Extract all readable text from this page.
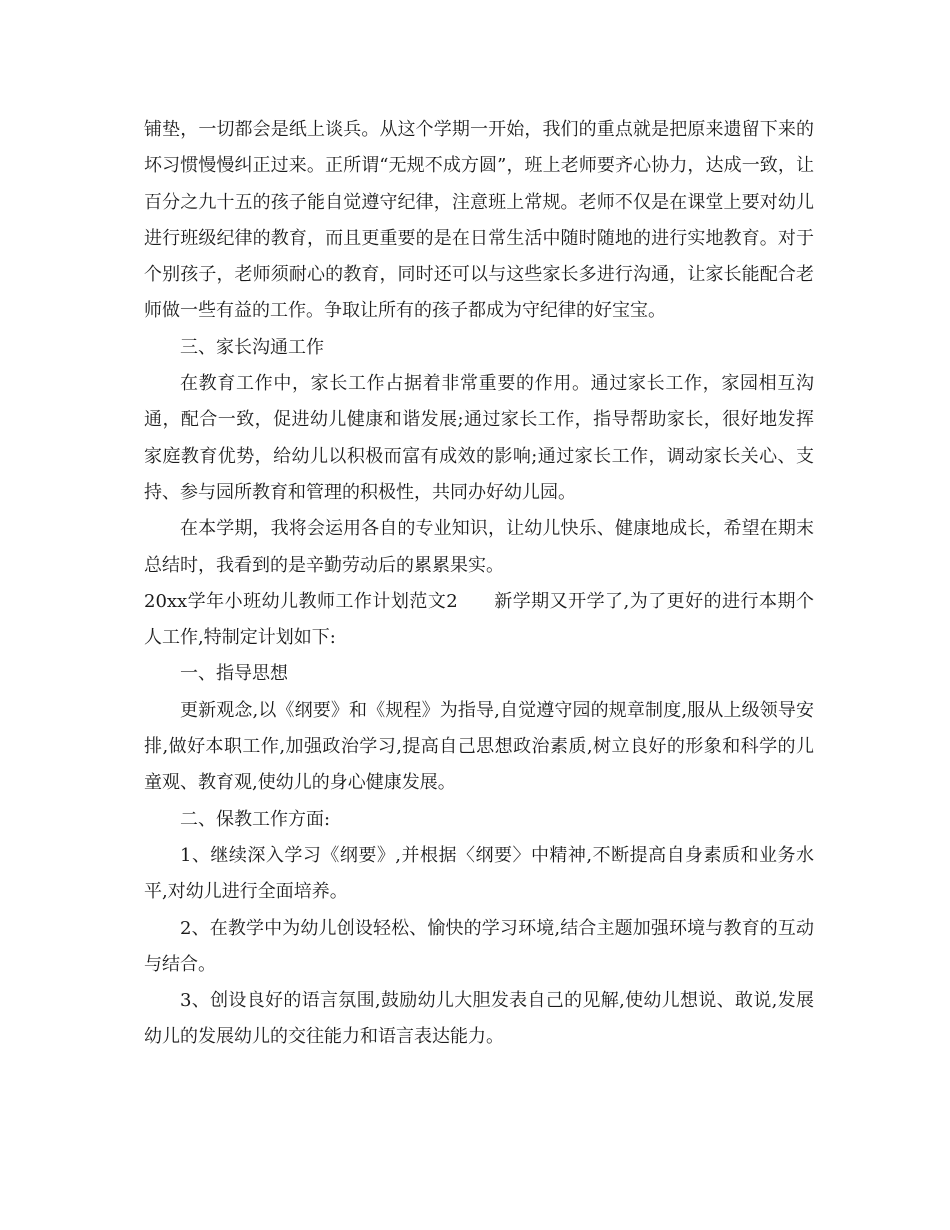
铺垫，一切都会是纸上谈兵。从这个学期一开始，我们的重点就是把原来遗留下来的坏习惯慢慢纠正过来。正所谓“无规不成方圆”，班上老师要齐心协力，达成一致，让百分之九十五的孩子能自觉遵守纪律，注意班上常规。老师不仅是在课堂上要对幼儿进行班级纪律的教育，而且更重要的是在日常生活中随时随地的进行实地教育。对于个别孩子，老师须耐心的教育，同时还可以与这些家长多进行沟通，让家长能配合老师做一些有益的工作。争取让所有的孩子都成为守纪律的好宝宝。

三、家长沟通工作

在教育工作中，家长工作占据着非常重要的作用。通过家长工作，家园相互沟通，配合一致，促进幼儿健康和谐发展;通过家长工作，指导帮助家长，很好地发挥家庭教育优势，给幼儿以积极而富有成效的影响;通过家长工作，调动家长关心、支持、参与园所教育和管理的积极性，共同办好幼儿园。

在本学期，我将会运用各自的专业知识，让幼儿快乐、健康地成长，希望在期末总结时，我看到的是辛勤劳动后的累累果实。

20xx学年小班幼儿教师工作计划范文2 新学期又开学了,为了更好的进行本期个人工作,特制定计划如下:

一、指导思想

更新观念,以《纲要》和《规程》为指导,自觉遵守园的规章制度,服从上级领导安排,做好本职工作,加强政治学习,提高自己思想政治素质,树立良好的形象和科学的儿童观、教育观,使幼儿的身心健康发展。

二、保教工作方面:

1、继续深入学习《纲要》,并根据〈纲要〉中精神,不断提高自身素质和业务水平,对幼儿进行全面培养。

2、在教学中为幼儿创设轻松、愉快的学习环境,结合主题加强环境与教育的互动与结合。

3、创设良好的语言氛围,鼓励幼儿大胆发表自己的见解,使幼儿想说、敢说,发展幼儿的发展幼儿的交往能力和语言表达能力。
